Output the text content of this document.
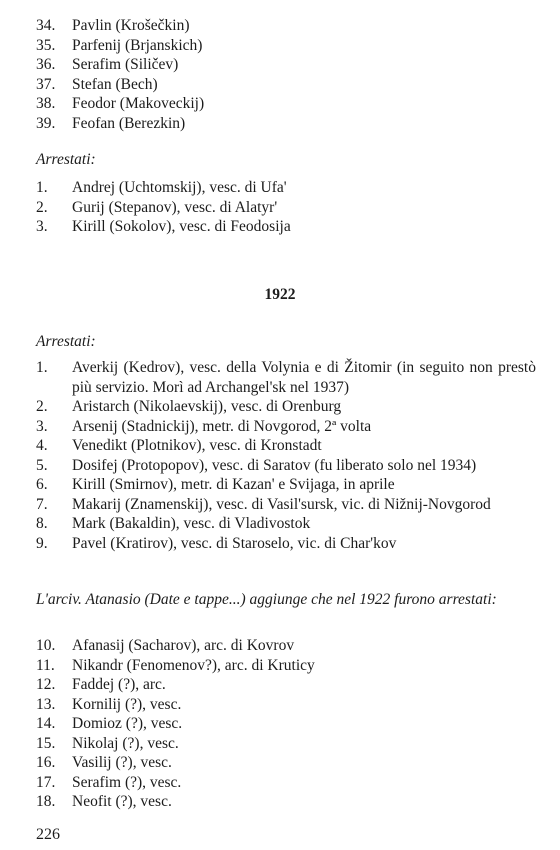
34.	Pavlin (Krošečkin)
35.	Parfenij (Brjanskich)
36.	Serafim (Siličev)
37.	Stefan (Bech)
38.	Feodor (Makoveckij)
39.	Feofan (Berezkin)
Arrestati:
1.	Andrej (Uchtomskij), vesc. di Ufa'
2.	Gurij (Stepanov), vesc. di Alatyr'
3.	Kirill (Sokolov), vesc. di Feodosija
1922
Arrestati:
1.	Averkij (Kedrov), vesc. della Volynia e di Žitomir (in seguito non prestò più servizio. Morì ad Archangel'sk nel 1937)
2.	Aristarch (Nikolaevskij), vesc. di Orenburg
3.	Arsenij (Stadnickij), metr. di Novgorod, 2ª volta
4.	Venedikt (Plotnikov), vesc. di Kronstadt
5.	Dosifej (Protopopov), vesc. di Saratov (fu liberato solo nel 1934)
6.	Kirill (Smirnov), metr. di Kazan' e Svijaga, in aprile
7.	Makarij (Znamenskij), vesc. di Vasil'sursk, vic. di Nižnij-Novgorod
8.	Mark (Bakaldin), vesc. di Vladivostok
9.	Pavel (Kratirov), vesc. di Staroselo, vic. di Char'kov
L'arciv. Atanasio (Date e tappe...) aggiunge che nel 1922 furono arrestati:
10.	Afanasij (Sacharov), arc. di Kovrov
11.	Nikandr (Fenomenov?), arc. di Kruticy
12.	Faddej (?), arc.
13.	Kornilij (?), vesc.
14.	Domioz (?), vesc.
15.	Nikolaj (?), vesc.
16.	Vasilij (?), vesc.
17.	Serafim (?), vesc.
18.	Neofit (?), vesc.
226
